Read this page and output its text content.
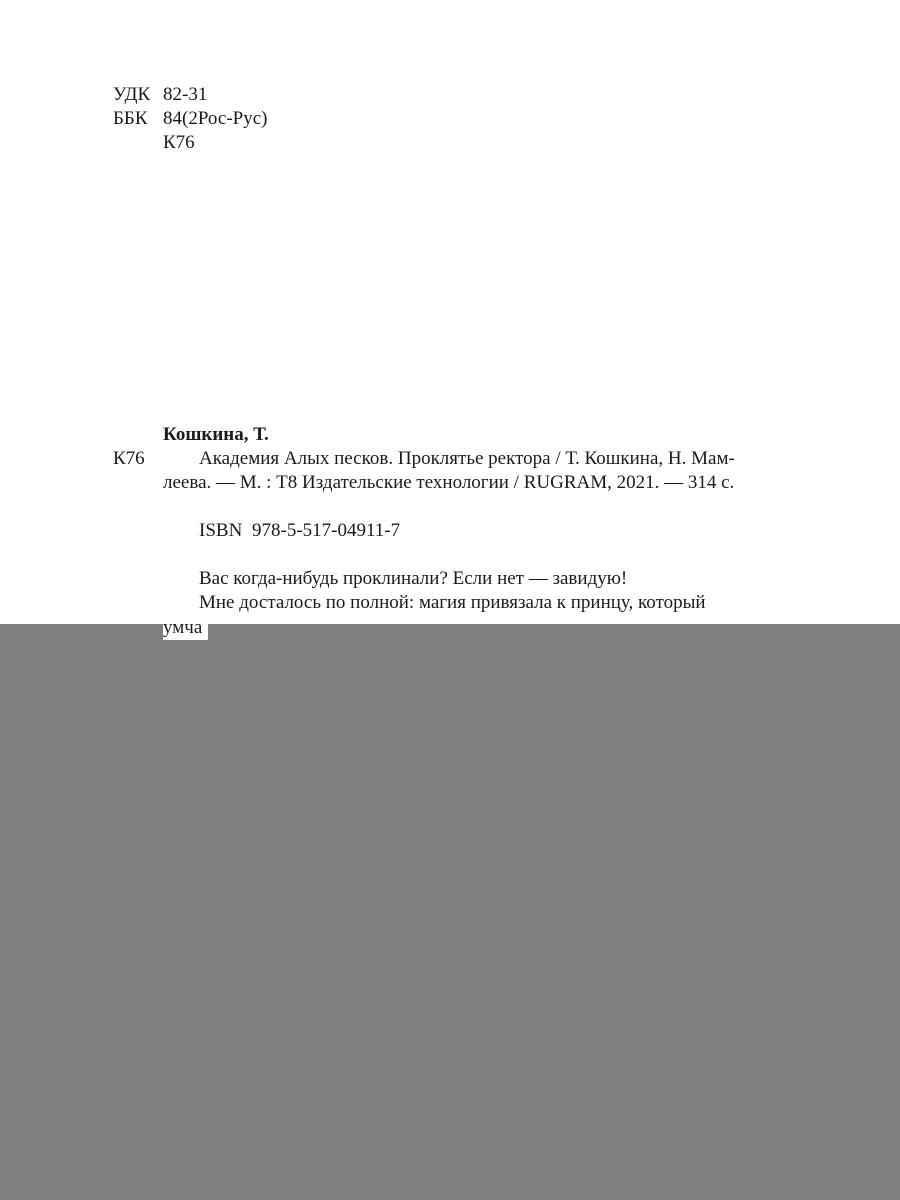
УДК 82-31
ББК 84(2Рос-Рус)
К76
Кошкина, Т.
К76	Академия Алых песков. Проклятье ректора / Т. Кошкина, Н. Мам-
леева. — М. : T8 Издательские технологии / RUGRAM, 2021. — 314 с.
ISBN 978-5-517-04911-7
Вас когда-нибудь проклинали? Если нет — завидую!
Мне досталось по полной: магия привязала к принцу, который
умча
